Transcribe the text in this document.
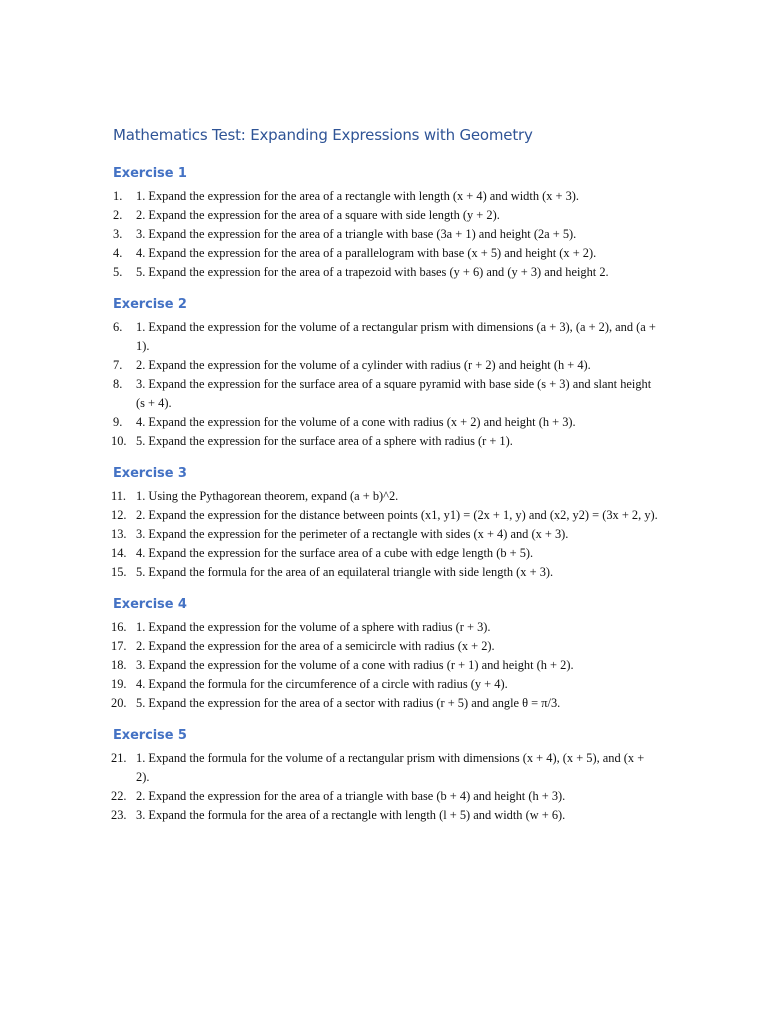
Mathematics Test: Expanding Expressions with Geometry
Exercise 1
1. 1. Expand the expression for the area of a rectangle with length (x + 4) and width (x + 3).
2. 2. Expand the expression for the area of a square with side length (y + 2).
3. 3. Expand the expression for the area of a triangle with base (3a + 1) and height (2a + 5).
4. 4. Expand the expression for the area of a parallelogram with base (x + 5) and height (x + 2).
5. 5. Expand the expression for the area of a trapezoid with bases (y + 6) and (y + 3) and height 2.
Exercise 2
6. 1. Expand the expression for the volume of a rectangular prism with dimensions (a + 3), (a + 2), and (a + 1).
7. 2. Expand the expression for the volume of a cylinder with radius (r + 2) and height (h + 4).
8. 3. Expand the expression for the surface area of a square pyramid with base side (s + 3) and slant height (s + 4).
9. 4. Expand the expression for the volume of a cone with radius (x + 2) and height (h + 3).
10. 5. Expand the expression for the surface area of a sphere with radius (r + 1).
Exercise 3
11. 1. Using the Pythagorean theorem, expand (a + b)^2.
12. 2. Expand the expression for the distance between points (x1, y1) = (2x + 1, y) and (x2, y2) = (3x + 2, y).
13. 3. Expand the expression for the perimeter of a rectangle with sides (x + 4) and (x + 3).
14. 4. Expand the expression for the surface area of a cube with edge length (b + 5).
15. 5. Expand the formula for the area of an equilateral triangle with side length (x + 3).
Exercise 4
16. 1. Expand the expression for the volume of a sphere with radius (r + 3).
17. 2. Expand the expression for the area of a semicircle with radius (x + 2).
18. 3. Expand the expression for the volume of a cone with radius (r + 1) and height (h + 2).
19. 4. Expand the formula for the circumference of a circle with radius (y + 4).
20. 5. Expand the expression for the area of a sector with radius (r + 5) and angle θ = π/3.
Exercise 5
21. 1. Expand the formula for the volume of a rectangular prism with dimensions (x + 4), (x + 5), and (x + 2).
22. 2. Expand the expression for the area of a triangle with base (b + 4) and height (h + 3).
23. 3. Expand the formula for the area of a rectangle with length (l + 5) and width (w + 6).
